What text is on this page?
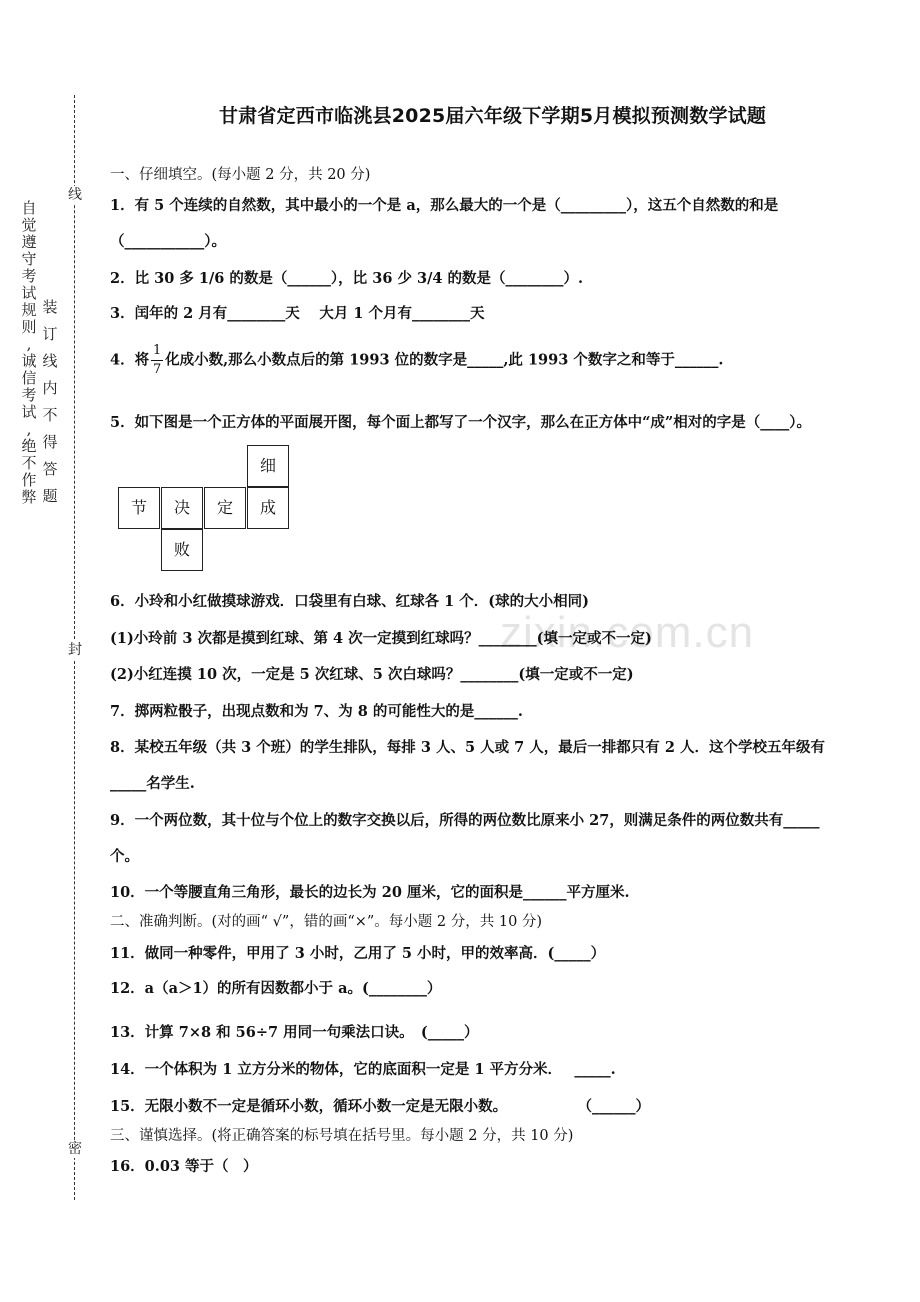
线
封
密
自
觉
遵
守
考
试
规
则
,
诚
信
考
试
,
绝
不
作
弊
装
订
线
内
不
得
答
题
zixin.com.cn
甘肃省定西市临洮县2025届六年级下学期5月模拟预测数学试题
一、仔细填空。(每小题 2 分，共 20 分)
1．有 5 个连续的自然数，其中最小的一个是 a，那么最大的一个是（_________），这五个自然数的和是
（___________）。
2．比 30 多 1/6 的数是（______），比 36 少 3/4 的数是（________）.
3．闰年的 2 月有________天　 大月 1 个月有________天
4．将 $\frac{1}{7}$ 化成小数,那么小数点后的第 1993 位的数字是_____,此 1993 个数字之和等于______.
5．如下图是一个正方体的平面展开图，每个面上都写了一个汉字，那么在正方体中“成”相对的字是（____）。
细
节	决	定	成
败
6．小玲和小红做摸球游戏．口袋里有白球、红球各 1 个．(球的大小相同)
(1)小玲前 3 次都是摸到红球、第 4 次一定摸到红球吗？________(填一定或不一定)
(2)小红连摸 10 次，一定是 5 次红球、5 次白球吗？________(填一定或不一定)
7．掷两粒骰子，出现点数和为 7、为 8 的可能性大的是______.
8．某校五年级（共 3 个班）的学生排队，每排 3 人、5 人或 7 人，最后一排都只有 2 人．这个学校五年级有
_____名学生.
9．一个两位数，其十位与个位上的数字交换以后，所得的两位数比原来小 27，则满足条件的两位数共有_____
个。
10．一个等腰直角三角形，最长的边长为 20 厘米，它的面积是______平方厘米.
二、准确判断。(对的画“ √”，错的画“×”。每小题 2 分，共 10 分)
11．做同一种零件，甲用了 3 小时，乙用了 5 小时，甲的效率高．(_____）
12．a（a＞1）的所有因数都小于 a。(________）
13．计算 7×8 和 56÷7 用同一句乘法口诀。　(_____）
14．一个体积为 1 立方分米的物体，它的底面积一定是 1 平方分米．　 _____.
15．无限小数不一定是循环小数，循环小数一定是无限小数。　　　　　 （______）
三、谨慎选择。(将正确答案的标号填在括号里。每小题 2 分，共 10 分)
16．0.03 等于（　）
